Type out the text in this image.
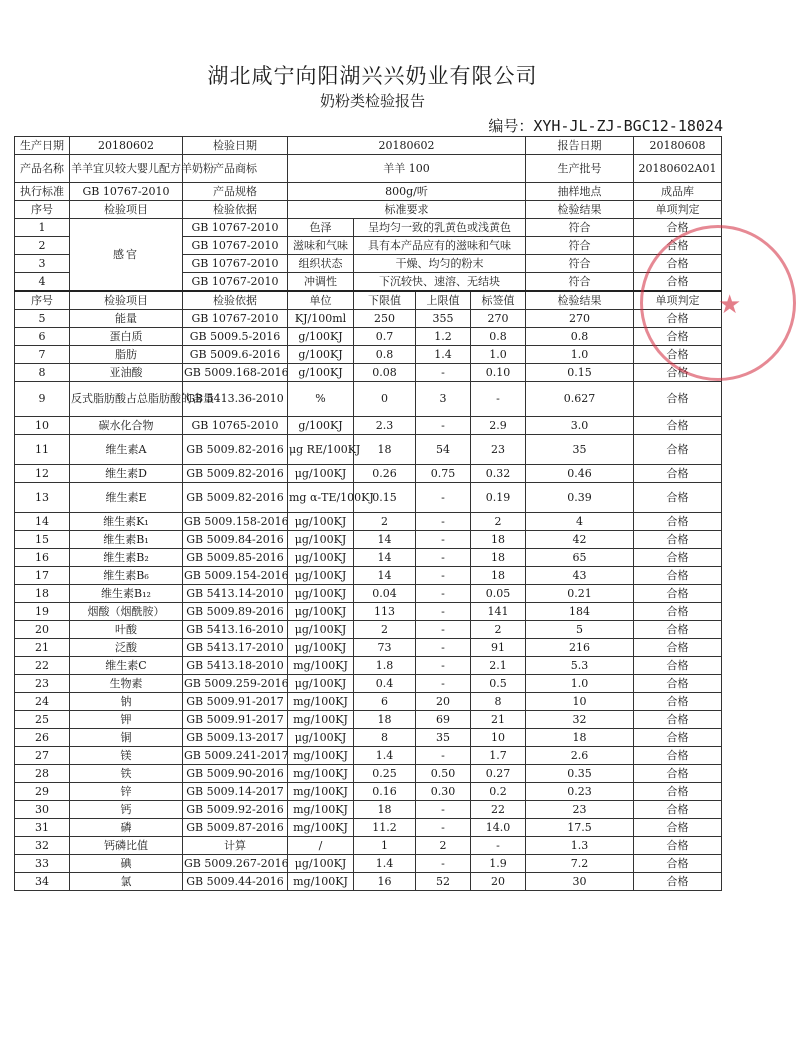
湖北咸宁向阳湖兴兴奶业有限公司
奶粉类检验报告
编号：XYH-JL-ZJ-BGC12-18024
生产日期	20180602	检验日期	20180602				报告日期	20180608
产品名称	羊羊宜贝较大婴儿配方羊奶粉	产品商标	羊羊 100				生产批号	20180602A01
执行标准	GB 10767-2010	产品规格	800g/听				抽样地点	成品库
序号	检验项目	检验依据	标准要求				检验结果	单项判定
1	感官	GB 10767-2010	色泽	呈均匀一致的乳黄色或浅黄色			符合	合格
2		GB 10767-2010	滋味和气味	具有本产品应有的滋味和气味			符合	合格
3		GB 10767-2010	组织状态	干燥、均匀的粉末			符合	合格
4		GB 10767-2010	冲调性	下沉较快、速溶、无结块			符合	合格
序号	检验项目	检验依据	单位	下限值	上限值	标签值	检验结果	单项判定
5	能量	GB 10767-2010	KJ/100ml	250	355	270	270	合格
6	蛋白质	GB 5009.5-2016	g/100KJ	0.7	1.2	0.8	0.8	合格
7	脂肪	GB 5009.6-2016	g/100KJ	0.8	1.4	1.0	1.0	合格
8	亚油酸	GB 5009.168-2016	g/100KJ	0.08	-	0.10	0.15	合格
9	反式脂肪酸占总脂肪酸的含量	GB 5413.36-2010	%	0	3	-	0.627	合格
10	碳水化合物	GB 10765-2010	g/100KJ	2.3	-	2.9	3.0	合格
11	维生素A	GB 5009.82-2016	μg RE/100KJ	18	54	23	35	合格
12	维生素D	GB 5009.82-2016	μg/100KJ	0.26	0.75	0.32	0.46	合格
13	维生素E	GB 5009.82-2016	mg α-TE/100KJ	0.15	-	0.19	0.39	合格
14	维生素K₁	GB 5009.158-2016	μg/100KJ	2	-	2	4	合格
15	维生素B₁	GB 5009.84-2016	μg/100KJ	14	-	18	42	合格
16	维生素B₂	GB 5009.85-2016	μg/100KJ	14	-	18	65	合格
17	维生素B₆	GB 5009.154-2016	μg/100KJ	14	-	18	43	合格
18	维生素B₁₂	GB 5413.14-2010	μg/100KJ	0.04	-	0.05	0.21	合格
19	烟酸（烟酰胺）	GB 5009.89-2016	μg/100KJ	113	-	141	184	合格
20	叶酸	GB 5413.16-2010	μg/100KJ	2	-	2	5	合格
21	泛酸	GB 5413.17-2010	μg/100KJ	73	-	91	216	合格
22	维生素C	GB 5413.18-2010	mg/100KJ	1.8	-	2.1	5.3	合格
23	生物素	GB 5009.259-2016	μg/100KJ	0.4	-	0.5	1.0	合格
24	钠	GB 5009.91-2017	mg/100KJ	6	20	8	10	合格
25	钾	GB 5009.91-2017	mg/100KJ	18	69	21	32	合格
26	铜	GB 5009.13-2017	μg/100KJ	8	35	10	18	合格
27	镁	GB 5009.241-2017	mg/100KJ	1.4	-	1.7	2.6	合格
28	铁	GB 5009.90-2016	mg/100KJ	0.25	0.50	0.27	0.35	合格
29	锌	GB 5009.14-2017	mg/100KJ	0.16	0.30	0.2	0.23	合格
30	钙	GB 5009.92-2016	mg/100KJ	18	-	22	23	合格
31	磷	GB 5009.87-2016	mg/100KJ	11.2	-	14.0	17.5	合格
32	钙磷比值	计算	/	1	2	-	1.3	合格
33	碘	GB 5009.267-2016	μg/100KJ	1.4	-	1.9	7.2	合格
34	氯	GB 5009.44-2016	mg/100KJ	16	52	20	30	合格
★
